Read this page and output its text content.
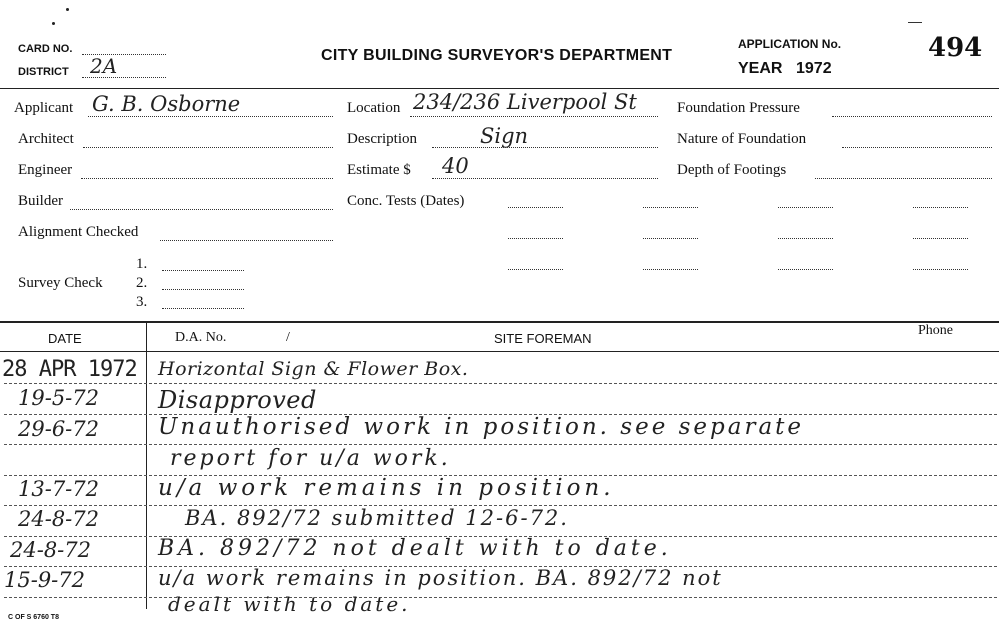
CARD NO.
DISTRICT 2A	CITY BUILDING SURVEYOR'S DEPARTMENT
APPLICATION No.	494
YEAR 1972
Applicant G. B. Osborne
Architect
Engineer
Builder
Alignment Checked
Survey Check
1.
2.
3.
Location 234/236 Liverpool St
Description	Sign
Estimate $ 40
Conc. Tests (Dates)
Foundation Pressure
Nature of Foundation
Depth of Footings
DATE	D.A. No.	/	SITE FOREMAN
Phone
28 APR 1972	Horizontal Sign & Flower Box.
19-5-72	Disapproved
29-6-72	Unauthorised work in position. see separate
report for u/a work.
13-7-72	u/a work remains in position.
24-8-72	BA. 892/72 submitted 12-6-72.
24-8-72	BA. 892/72 not dealt with to date.
15-9-72	u/a work remains in position. BA. 892/72 not
dealt with to date.
C OF S 6760 T8
